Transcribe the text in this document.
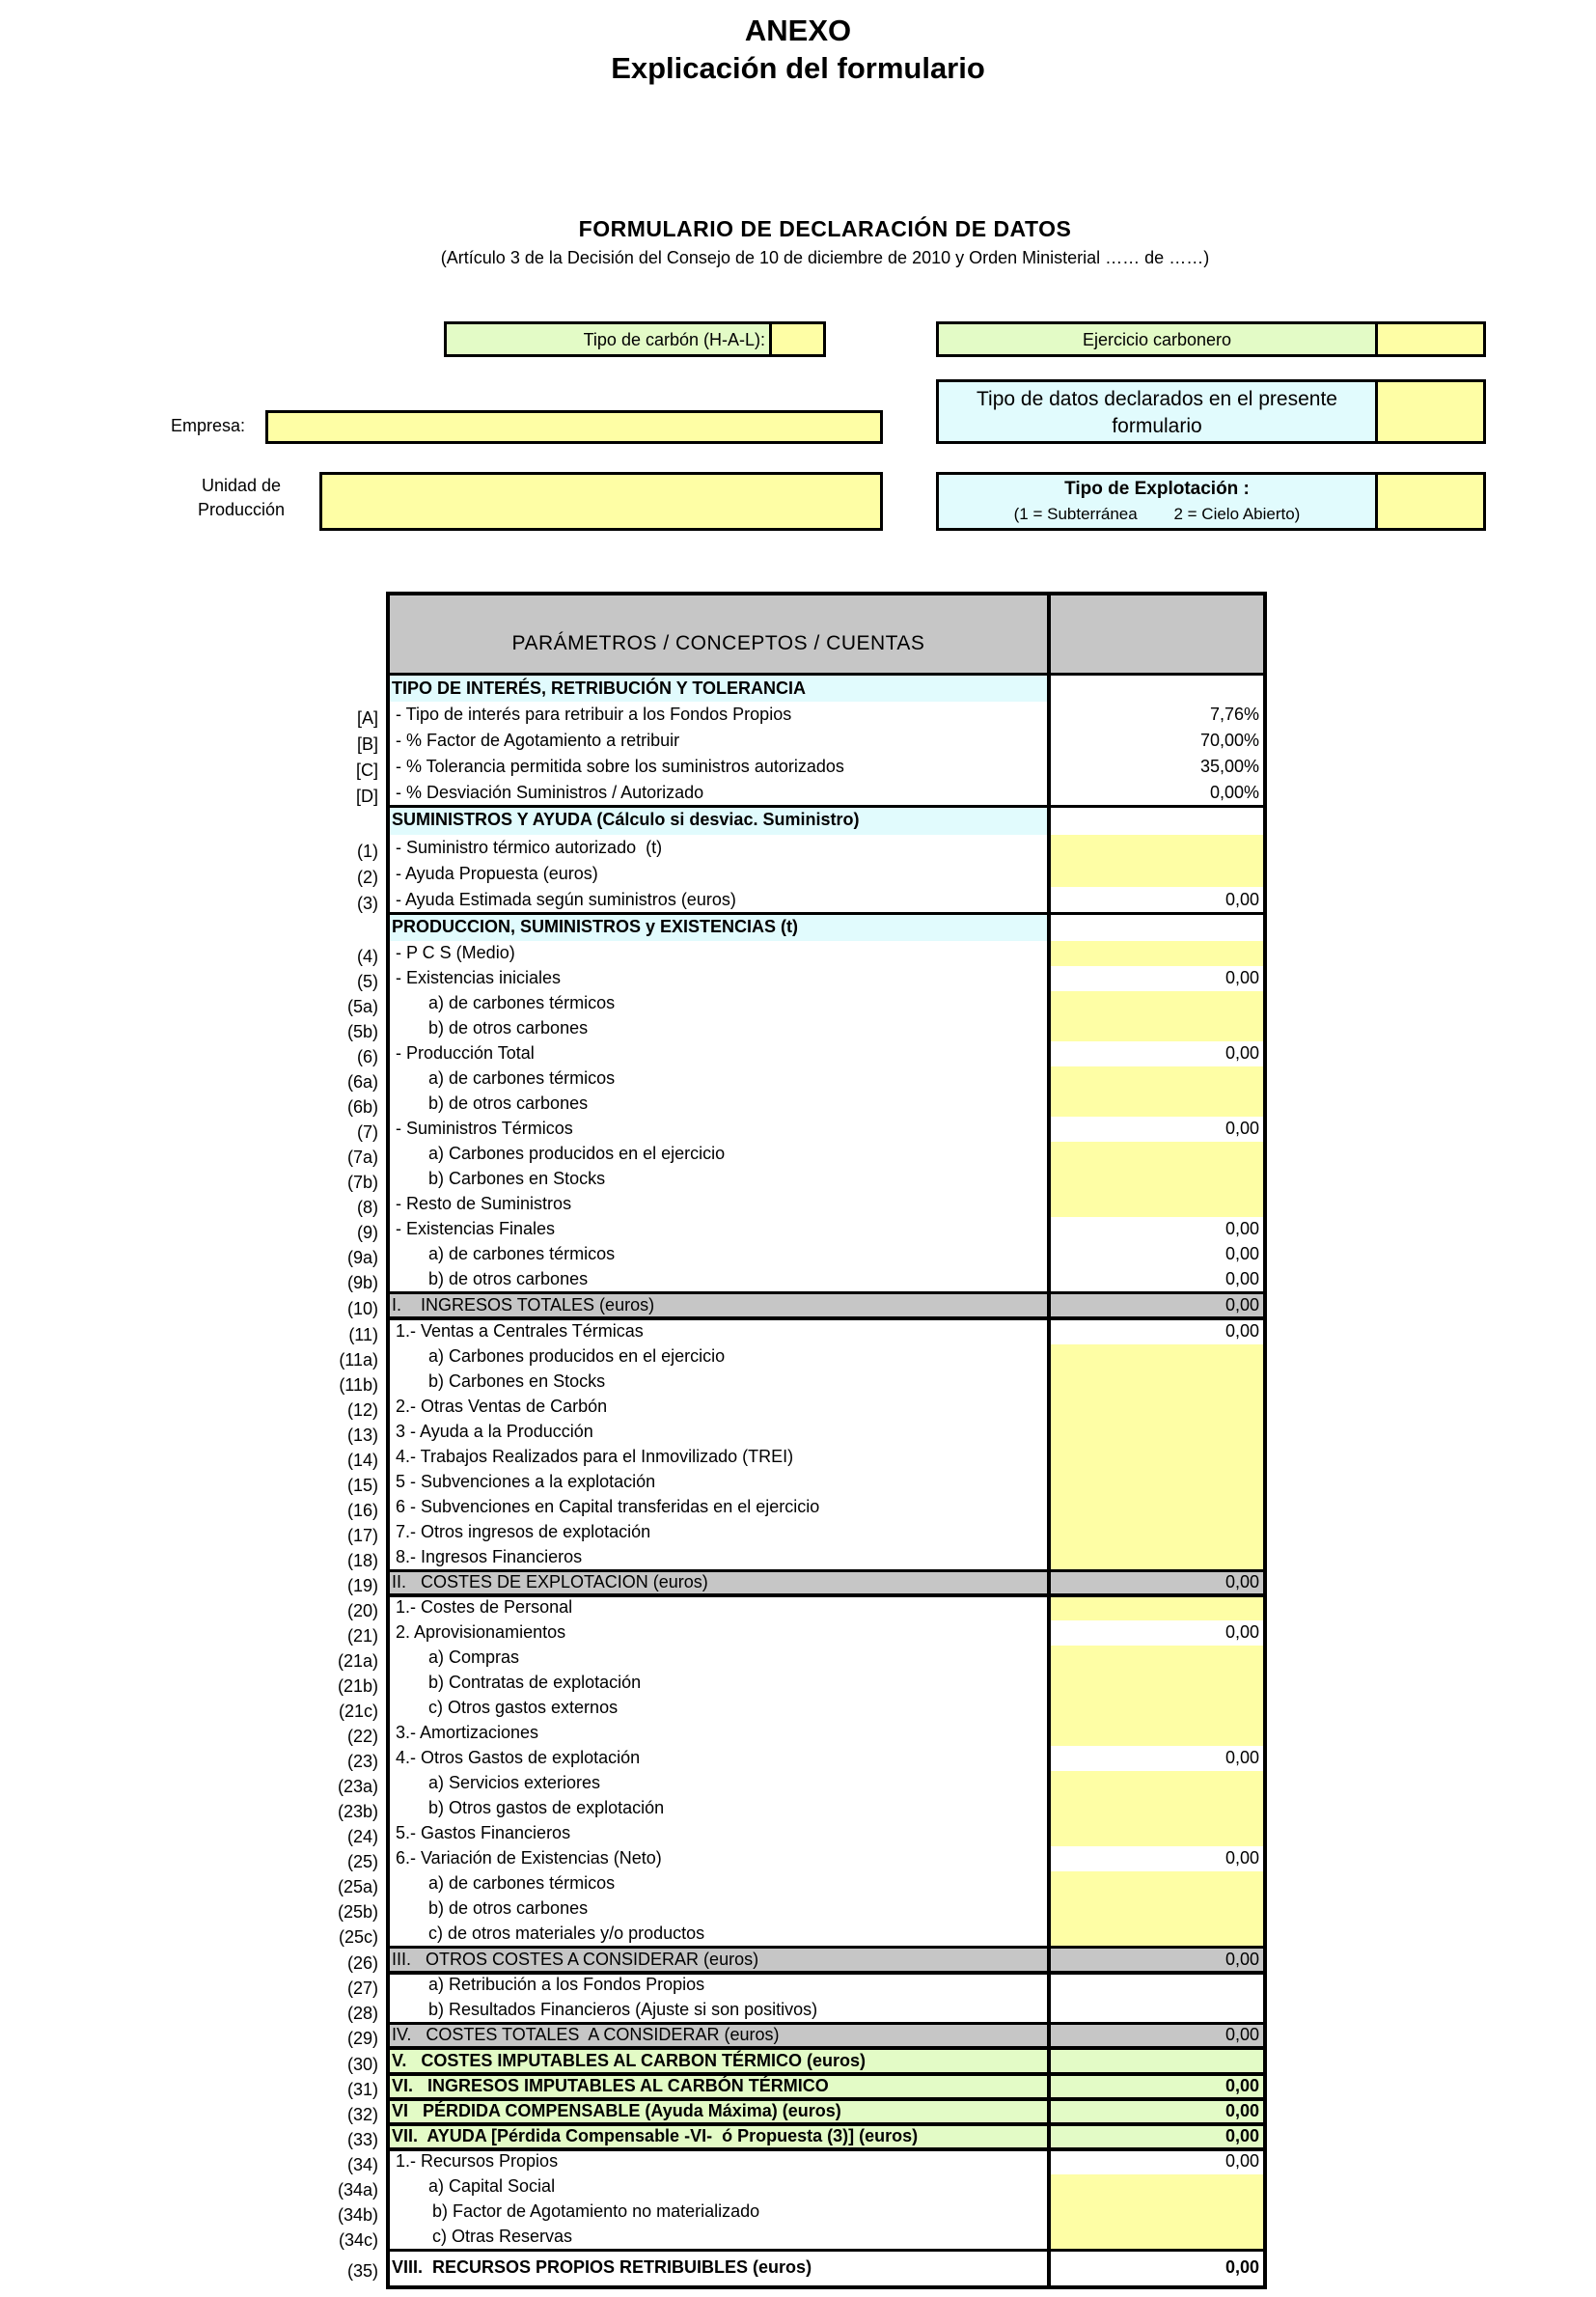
ANEXO
Explicación del formulario
FORMULARIO DE DECLARACIÓN DE DATOS
(Artículo 3 de la Decisión del Consejo de 10 de diciembre de 2010 y Orden Ministerial …… de ……)
Tipo de carbón (H-A-L):	Ejercicio carbonero
Tipo de datos declarados en el presente formulario
Empresa:
Unidad de
Producción
Tipo de Explotación :
(1 = Subterránea        2 = Cielo Abierto)
PARÁMETROS / CONCEPTOS / CUENTAS
TIPO DE INTERÉS, RETRIBUCIÓN Y TOLERANCIA
[A] - Tipo de interés para retribuir a los Fondos Propios	7,76%
[B] - % Factor de Agotamiento a retribuir	70,00%
[C] - % Tolerancia permitida sobre los suministros autorizados	35,00%
[D] - % Desviación Suministros / Autorizado	0,00%
SUMINISTROS Y AYUDA (Cálculo si desviac. Suministro)
(1) - Suministro térmico autorizado  (t)
(2) - Ayuda Propuesta (euros)
(3) - Ayuda Estimada según suministros (euros)	0,00
PRODUCCION, SUMINISTROS y EXISTENCIAS (t)
(4) - P C S (Medio)
(5) - Existencias iniciales	0,00
(5a)	a) de carbones térmicos
(5b)	b) de otros carbones
(6) - Producción Total	0,00
(6a)	a) de carbones térmicos
(6b)	b) de otros carbones
(7) - Suministros Térmicos	0,00
(7a)	a) Carbones producidos en el ejercicio
(7b)	b) Carbones en Stocks
(8) - Resto de Suministros
(9) - Existencias Finales	0,00
(9a)	a) de carbones térmicos	0,00
(9b)	b) de otros carbones	0,00
(10) I.    INGRESOS TOTALES (euros)	0,00
(11) 1.- Ventas a Centrales Térmicas	0,00
(11a)	a) Carbones producidos en el ejercicio
(11b)	b) Carbones en Stocks
(12) 2.- Otras Ventas de Carbón
(13) 3 - Ayuda a la Producción
(14) 4.- Trabajos Realizados para el Inmovilizado (TREI)
(15) 5 - Subvenciones a la explotación
(16) 6 - Subvenciones en Capital transferidas en el ejercicio
(17) 7.- Otros ingresos de explotación
(18) 8.- Ingresos Financieros
(19) II.   COSTES DE EXPLOTACION (euros)	0,00
(20) 1.- Costes de Personal
(21) 2. Aprovisionamientos	0,00
(21a)	a) Compras
(21b)	b) Contratas de explotación
(21c)	c) Otros gastos externos
(22) 3.- Amortizaciones
(23) 4.- Otros Gastos de explotación	0,00
(23a)	a) Servicios exteriores
(23b)	b) Otros gastos de explotación
(24) 5.- Gastos Financieros
(25) 6.- Variación de Existencias (Neto)	0,00
(25a)	a) de carbones térmicos
(25b)	b) de otros carbones
(25c)	c) de otros materiales y/o productos
(26) III.   OTROS COSTES A CONSIDERAR (euros)	0,00
(27)	a) Retribución a los Fondos Propios
(28)	b) Resultados Financieros (Ajuste si son positivos)
(29) IV.   COSTES TOTALES  A CONSIDERAR (euros)	0,00
(30) V.   COSTES IMPUTABLES AL CARBON TÉRMICO (euros)
(31) VI.   INGRESOS IMPUTABLES AL CARBÓN TÉRMICO	0,00
(32) VI   PÉRDIDA COMPENSABLE (Ayuda Máxima) (euros)	0,00
(33) VII.  AYUDA [Pérdida Compensable -VI-  ó Propuesta (3)] (euros)	0,00
(34) 1.- Recursos Propios	0,00
(34a)	a) Capital Social
(34b)	b) Factor de Agotamiento no materializado
(34c)	c) Otras Reservas
(35) VIII.  RECURSOS PROPIOS RETRIBUIBLES (euros)	0,00
